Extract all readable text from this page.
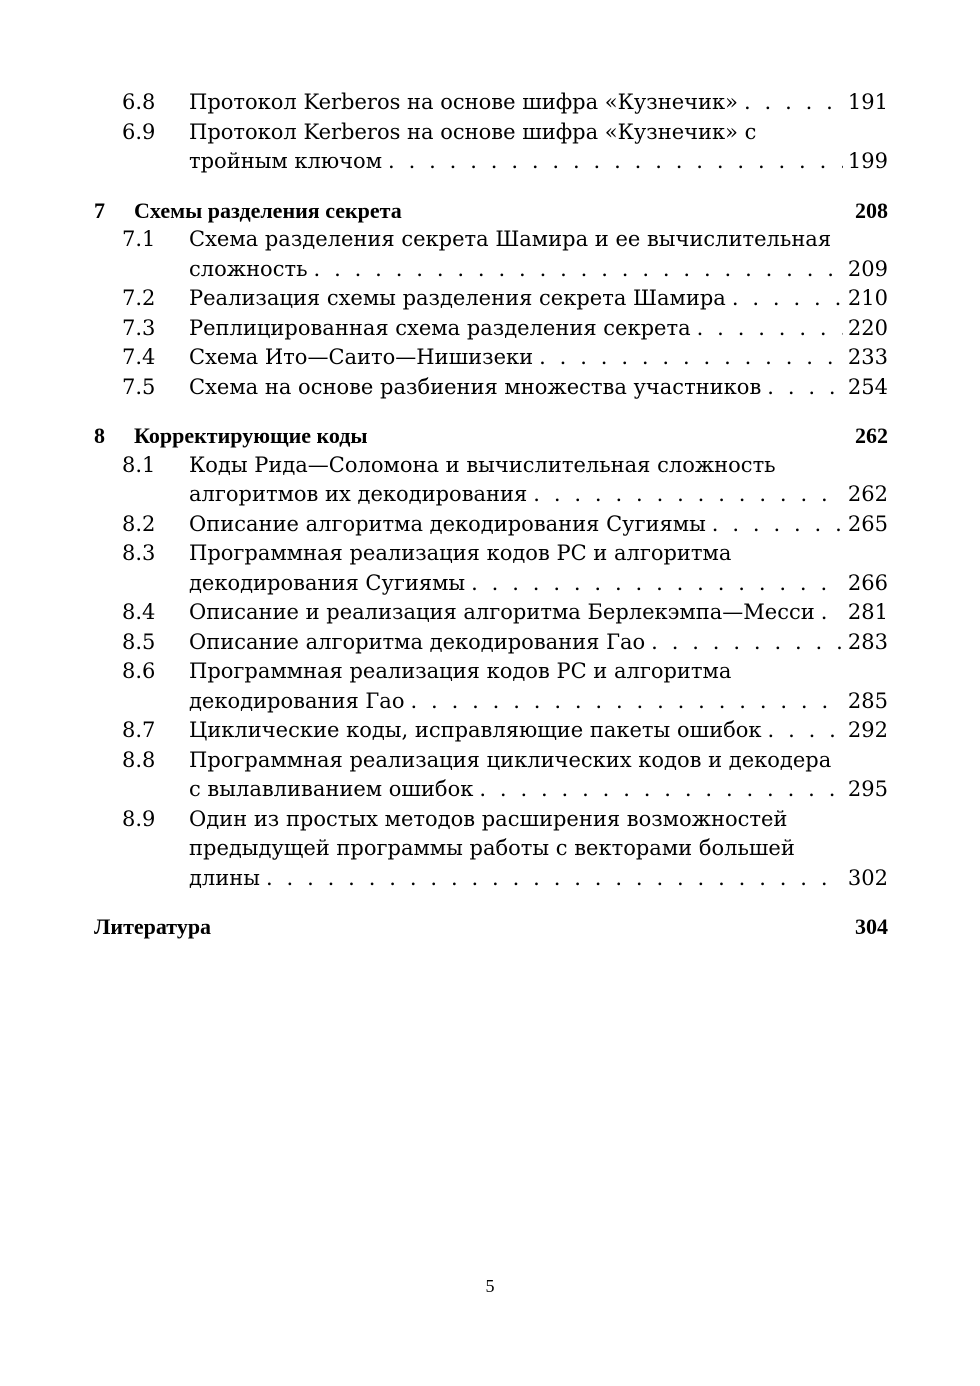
6.8	Протокол Kerberos на основе шифра «Кузнечик» . . .	191
6.9	Протокол Kerberos на основе шифра «Кузнечик» с
тройным ключом . . .	199
7	Схемы разделения секрета	208
7.1	Схема разделения секрета Шамира и ее вычислительная
сложность . . .	209
7.2	Реализация схемы разделения секрета Шамира . . .	210
7.3	Реплицированная схема разделения секрета . . .	220
7.4	Схема Ито—Саито—Нишизеки . . .	233
7.5	Схема на основе разбиения множества участников . . .	254
8	Корректирующие коды	262
8.1	Коды Рида—Соломона и вычислительная сложность
алгоритмов их декодирования . . .	262
8.2	Описание алгоритма декодирования Сугиямы . . .	265
8.3	Программная реализация кодов РС и алгоритма
декодирования Сугиямы . . .	266
8.4	Описание и реализация алгоритма Берлекэмпа—Месси . . . 281
8.5	Описание алгоритма декодирования Гао . . .	283
8.6	Программная реализация кодов РС и алгоритма
декодирования Гао . . .	285
8.7	Циклические коды, исправляющие пакеты ошибок . . .	292
8.8	Программная реализация циклических кодов и декодера
с вылавливанием ошибок . . .	295
8.9	Один из простых методов расширения возможностей
предыдущей программы работы с векторами большей
длины . . .	302
Литература	304
5
